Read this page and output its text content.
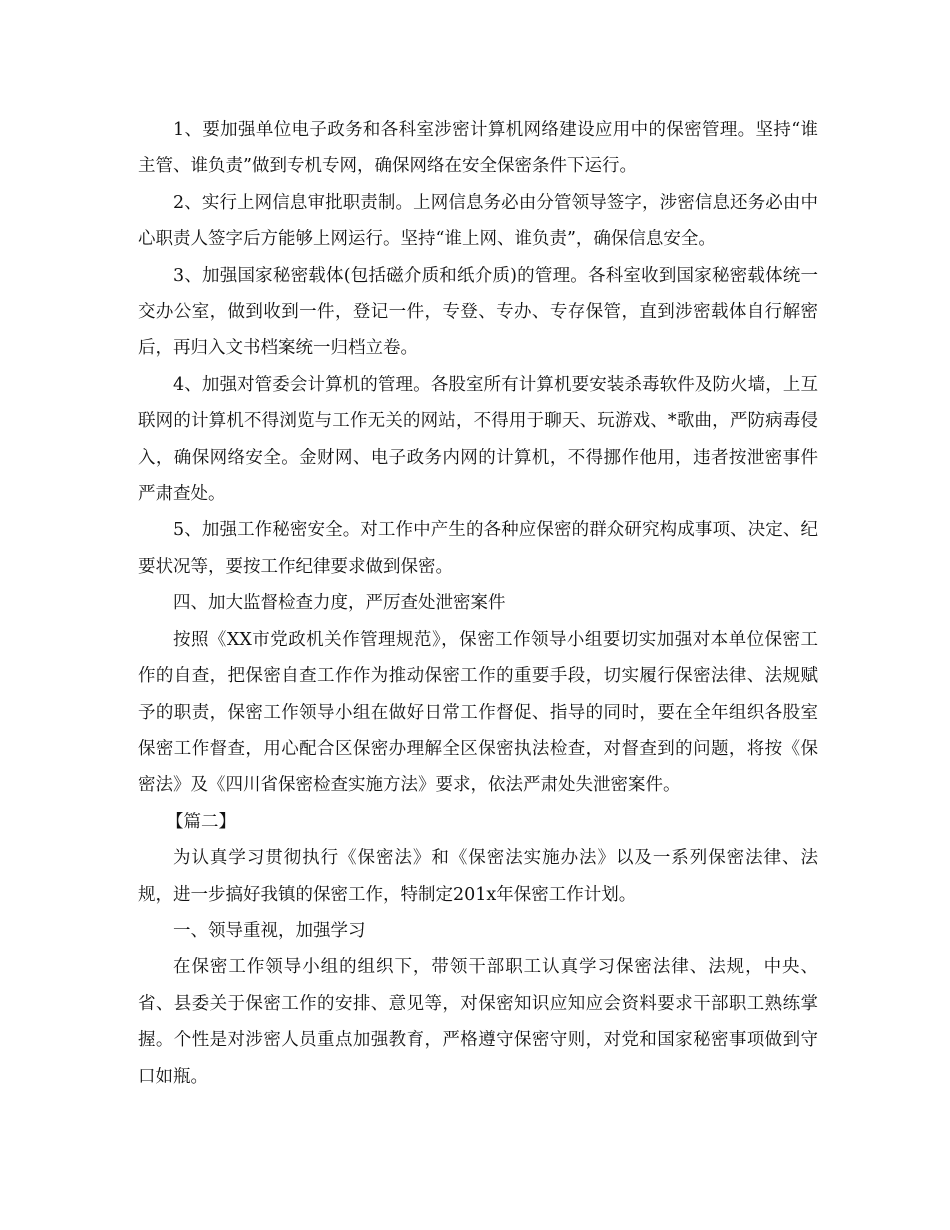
1、要加强单位电子政务和各科室涉密计算机网络建设应用中的保密管理。坚持“谁主管、谁负责”做到专机专网，确保网络在安全保密条件下运行。

2、实行上网信息审批职责制。上网信息务必由分管领导签字，涉密信息还务必由中心职责人签字后方能够上网运行。坚持“谁上网、谁负责”，确保信息安全。

3、加强国家秘密载体(包括磁介质和纸介质)的管理。各科室收到国家秘密载体统一交办公室，做到收到一件，登记一件，专登、专办、专存保管，直到涉密载体自行解密后，再归入文书档案统一归档立卷。

4、加强对管委会计算机的管理。各股室所有计算机要安装杀毒软件及防火墙，上互联网的计算机不得浏览与工作无关的网站，不得用于聊天、玩游戏、*歌曲，严防病毒侵入，确保网络安全。金财网、电子政务内网的计算机，不得挪作他用，违者按泄密事件严肃查处。

5、加强工作秘密安全。对工作中产生的各种应保密的群众研究构成事项、决定、纪要状况等，要按工作纪律要求做到保密。

四、加大监督检查力度，严厉查处泄密案件

按照《XX市党政机关作管理规范》，保密工作领导小组要切实加强对本单位保密工作的自查，把保密自查工作作为推动保密工作的重要手段，切实履行保密法律、法规赋予的职责，保密工作领导小组在做好日常工作督促、指导的同时，要在全年组织各股室保密工作督查，用心配合区保密办理解全区保密执法检查，对督查到的问题，将按《保密法》及《四川省保密检查实施方法》要求，依法严肃处失泄密案件。

【篇二】

为认真学习贯彻执行《保密法》和《保密法实施办法》以及一系列保密法律、法规，进一步搞好我镇的保密工作，特制定201x年保密工作计划。

一、领导重视，加强学习

在保密工作领导小组的组织下，带领干部职工认真学习保密法律、法规，中央、省、县委关于保密工作的安排、意见等，对保密知识应知应会资料要求干部职工熟练掌握。个性是对涉密人员重点加强教育，严格遵守保密守则，对党和国家秘密事项做到守口如瓶。
